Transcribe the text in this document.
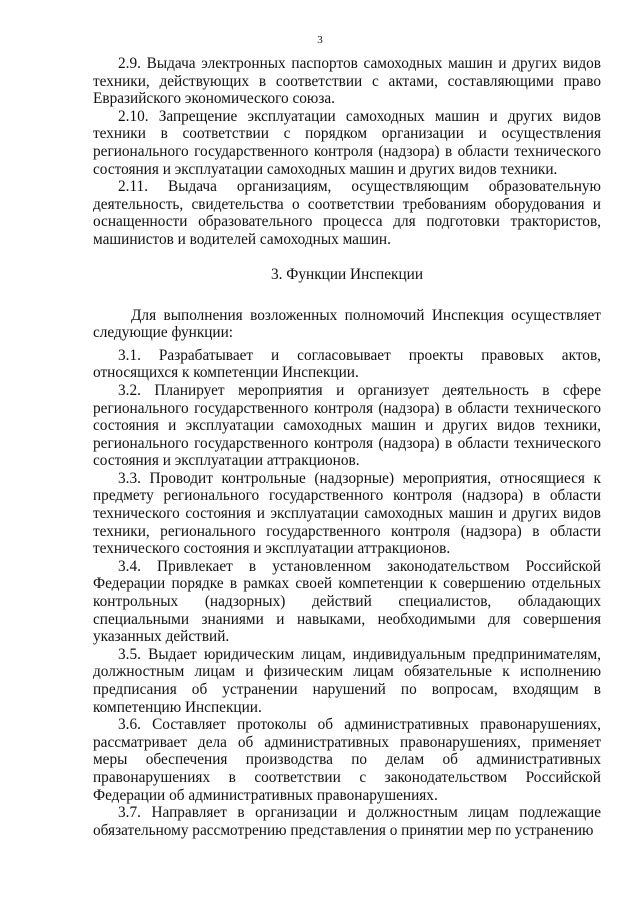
3

2.9. Выдача электронных паспортов самоходных машин и других видов техники, действующих в соответствии с актами, составляющими право Евразийского экономического союза.

2.10. Запрещение эксплуатации самоходных машин и других видов техники в соответствии с порядком организации и осуществления регионального государственного контроля (надзора) в области технического состояния и эксплуатации самоходных машин и других видов техники.

2.11. Выдача организациям, осуществляющим образовательную деятельность, свидетельства о соответствии требованиям оборудования и оснащенности образовательного процесса для подготовки трактористов, машинистов и водителей самоходных машин.

3. Функции Инспекции

Для выполнения возложенных полномочий Инспекция осуществляет следующие функции:

3.1. Разрабатывает и согласовывает проекты правовых актов, относящихся к компетенции Инспекции.

3.2. Планирует мероприятия и организует деятельность в сфере регионального государственного контроля (надзора) в области технического состояния и эксплуатации самоходных машин и других видов техники, регионального государственного контроля (надзора) в области технического состояния и эксплуатации аттракционов.

3.3. Проводит контрольные (надзорные) мероприятия, относящиеся к предмету регионального государственного контроля (надзора) в области технического состояния и эксплуатации самоходных машин и других видов техники, регионального государственного контроля (надзора) в области технического состояния и эксплуатации аттракционов.

3.4. Привлекает в установленном законодательством Российской Федерации порядке в рамках своей компетенции к совершению отдельных контрольных (надзорных) действий специалистов, обладающих специальными знаниями и навыками, необходимыми для совершения указанных действий.

3.5. Выдает юридическим лицам, индивидуальным предпринимателям, должностным лицам и физическим лицам обязательные к исполнению предписания об устранении нарушений по вопросам, входящим в компетенцию Инспекции.

3.6. Составляет протоколы об административных правонарушениях, рассматривает дела об административных правонарушениях, применяет меры обеспечения производства по делам об административных правонарушениях в соответствии с законодательством Российской Федерации об административных правонарушениях.

3.7. Направляет в организации и должностным лицам подлежащие обязательному рассмотрению представления о принятии мер по устранению
